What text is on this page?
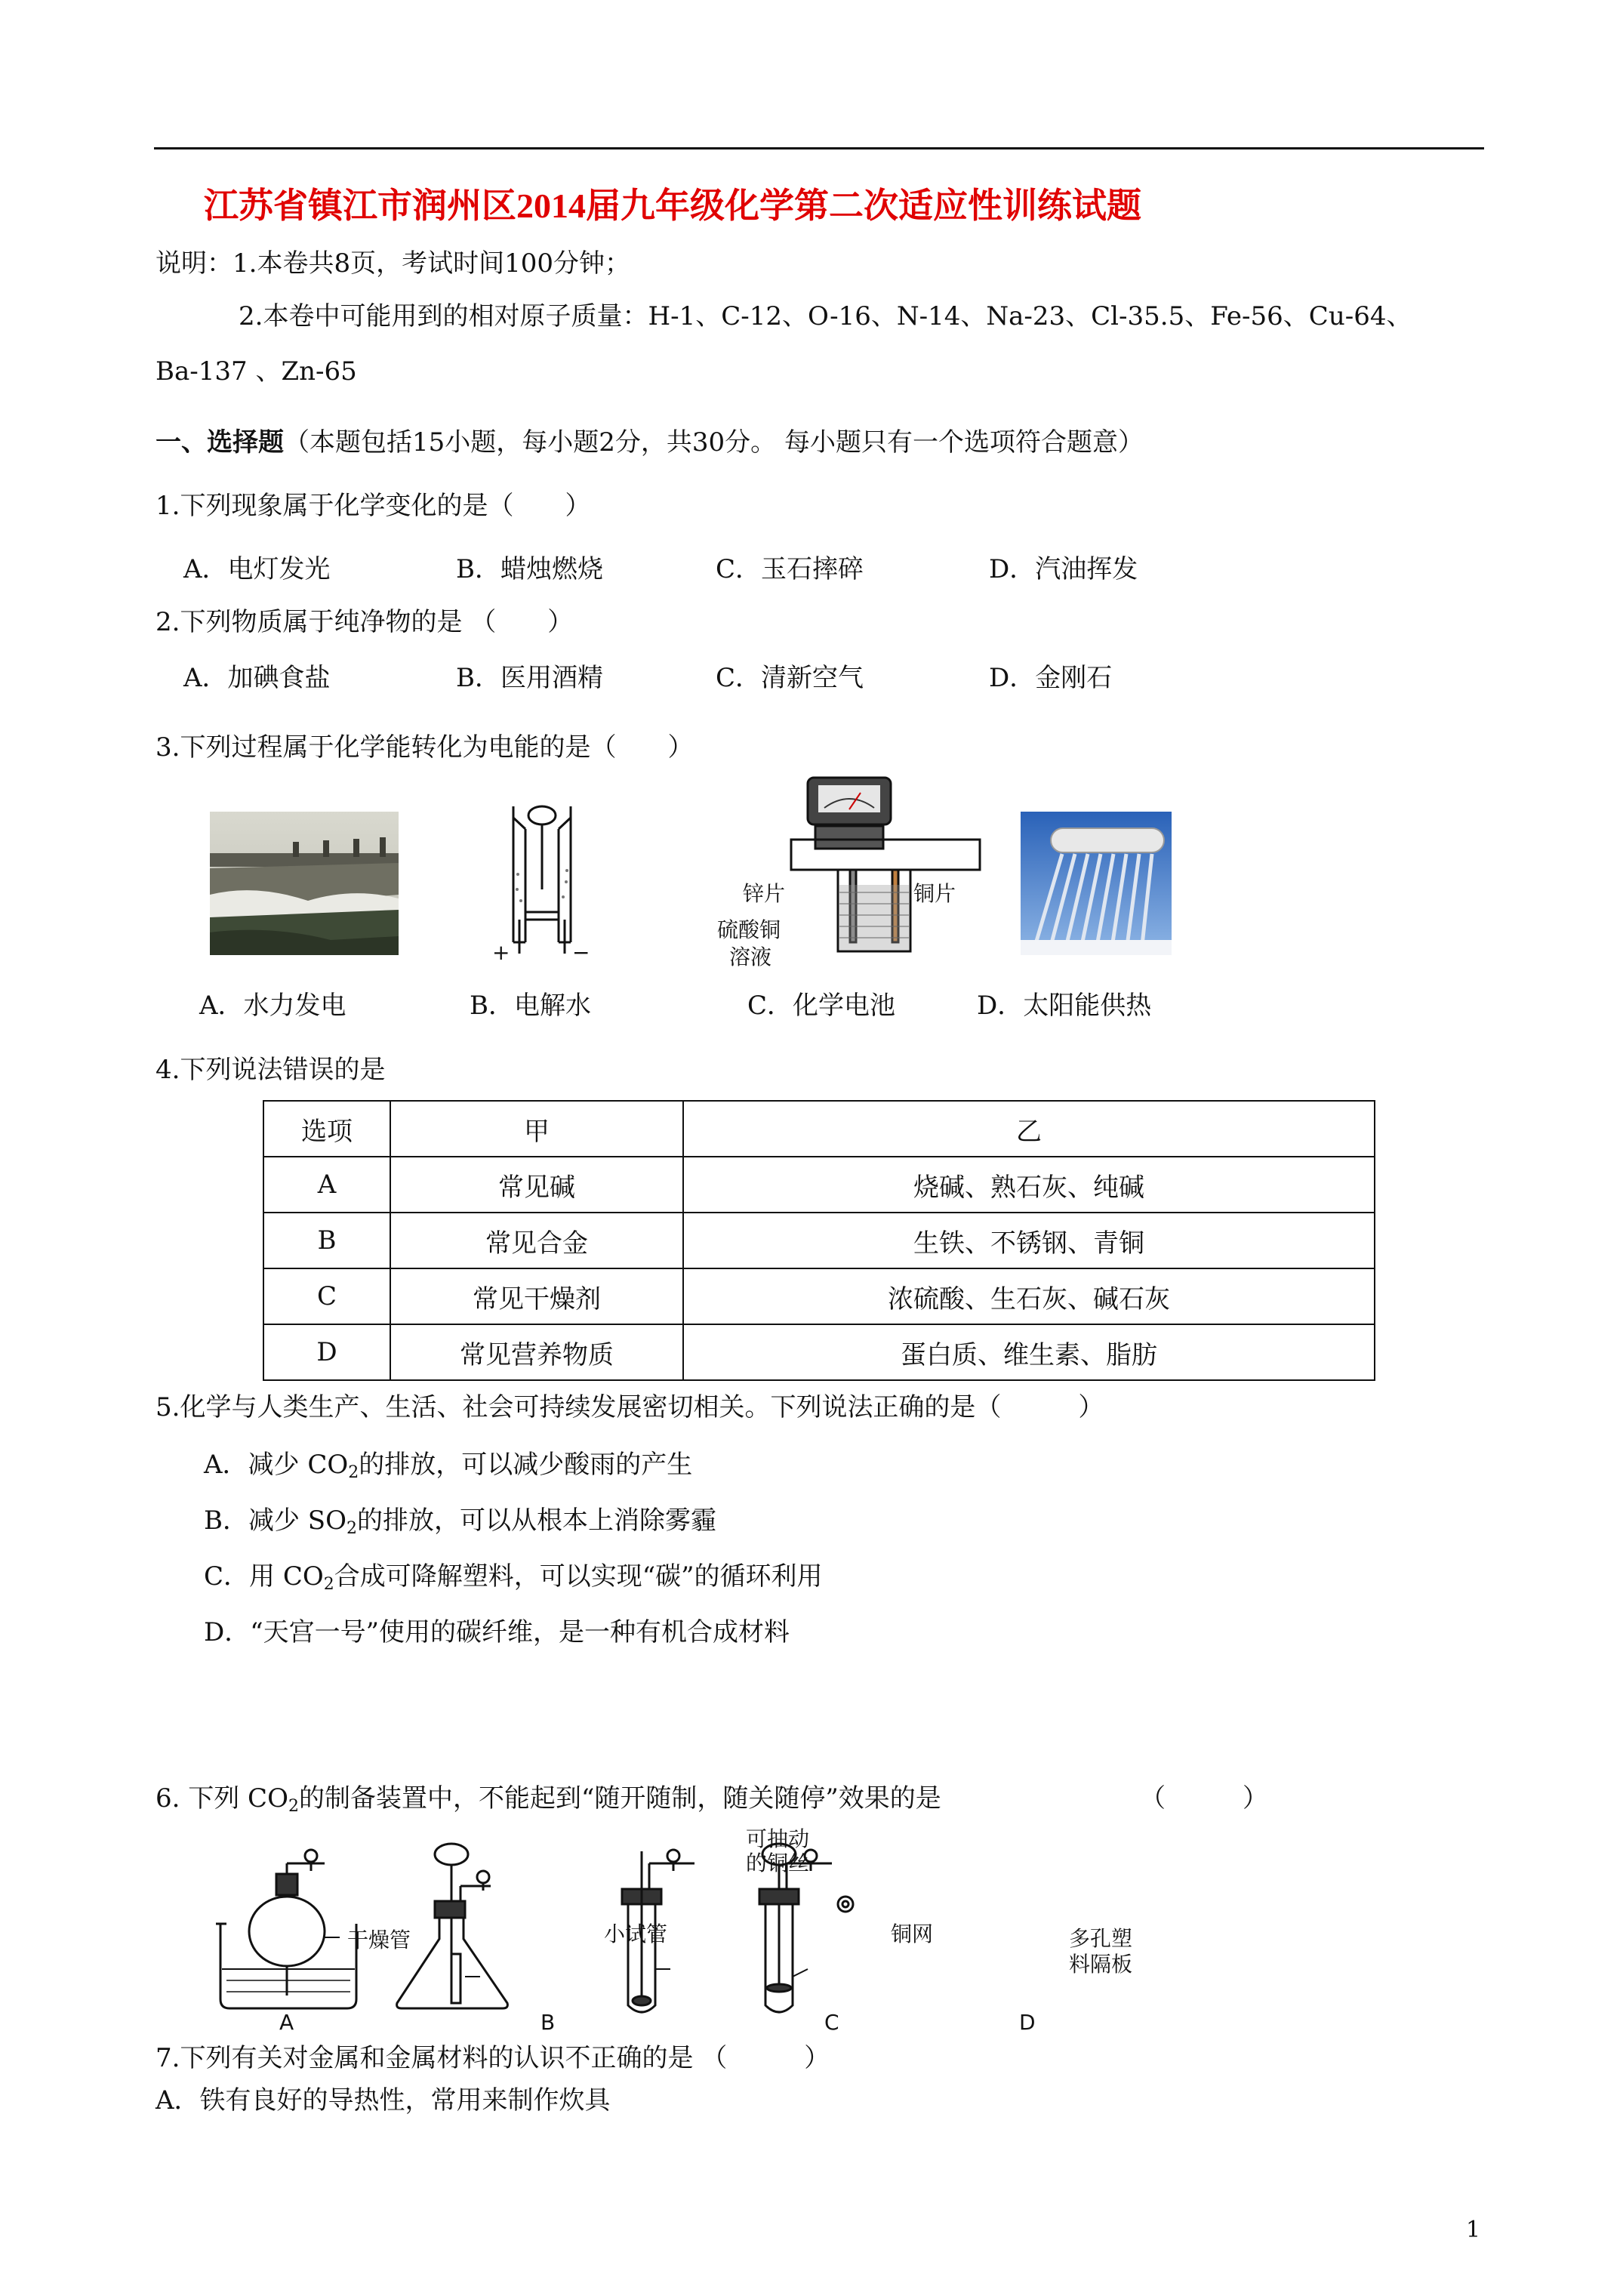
江苏省镇江市润州区2014届九年级化学第二次适应性训练试题
说明：1.本卷共8页，考试时间100分钟；
2.本卷中可能用到的相对原子质量：H-1、C-12、O-16、N-14、Na-23、Cl-35.5、Fe-56、Cu-64、
Ba-137 、Zn-65
一、选择题（本题包括15小题，每小题2分，共30分。 每小题只有一个选项符合题意）
1.下列现象属于化学变化的是（　　）
A．电灯发光	B．蜡烛燃烧	C．玉石摔碎	D．汽油挥发
2.下列物质属于纯净物的是 （　　）
A．加碘食盐	B．医用酒精	C．清新空气	D．金刚石
3.下列过程属于化学能转化为电能的是（　　）
+	−
锌片	铜片
硫酸铜
溶液
A．水力发电	B．电解水	C．化学电池	D．太阳能供热
4.下列说法错误的是
选项	甲	乙
A	常见碱	烧碱、熟石灰、纯碱
B	常见合金	生铁、不锈钢、青铜
C	常见干燥剂	浓硫酸、生石灰、碱石灰
D	常见营养物质	蛋白质、维生素、脂肪
5.化学与人类生产、生活、社会可持续发展密切相关。下列说法正确的是（　　　）
A．减少 $CO_2$的排放，可以减少酸雨的产生
B．减少 $SO_2$的排放，可以从根本上消除雾霾
C．用 $CO_2$合成可降解塑料，可以实现“碳”的循环利用
D．“天宫一号”使用的碳纤维，是一种有机合成材料
6. 下列 $CO_2$的制备装置中，不能起到“随开随制，随关随停”效果的是	（　　　）
干燥管	小试管
可抽动
的铜丝
铜网	多孔塑
料隔板
A	B	C	D
7.下列有关对金属和金属材料的认识不正确的是 （　　　）
A．铁有良好的导热性，常用来制作炊具
1
